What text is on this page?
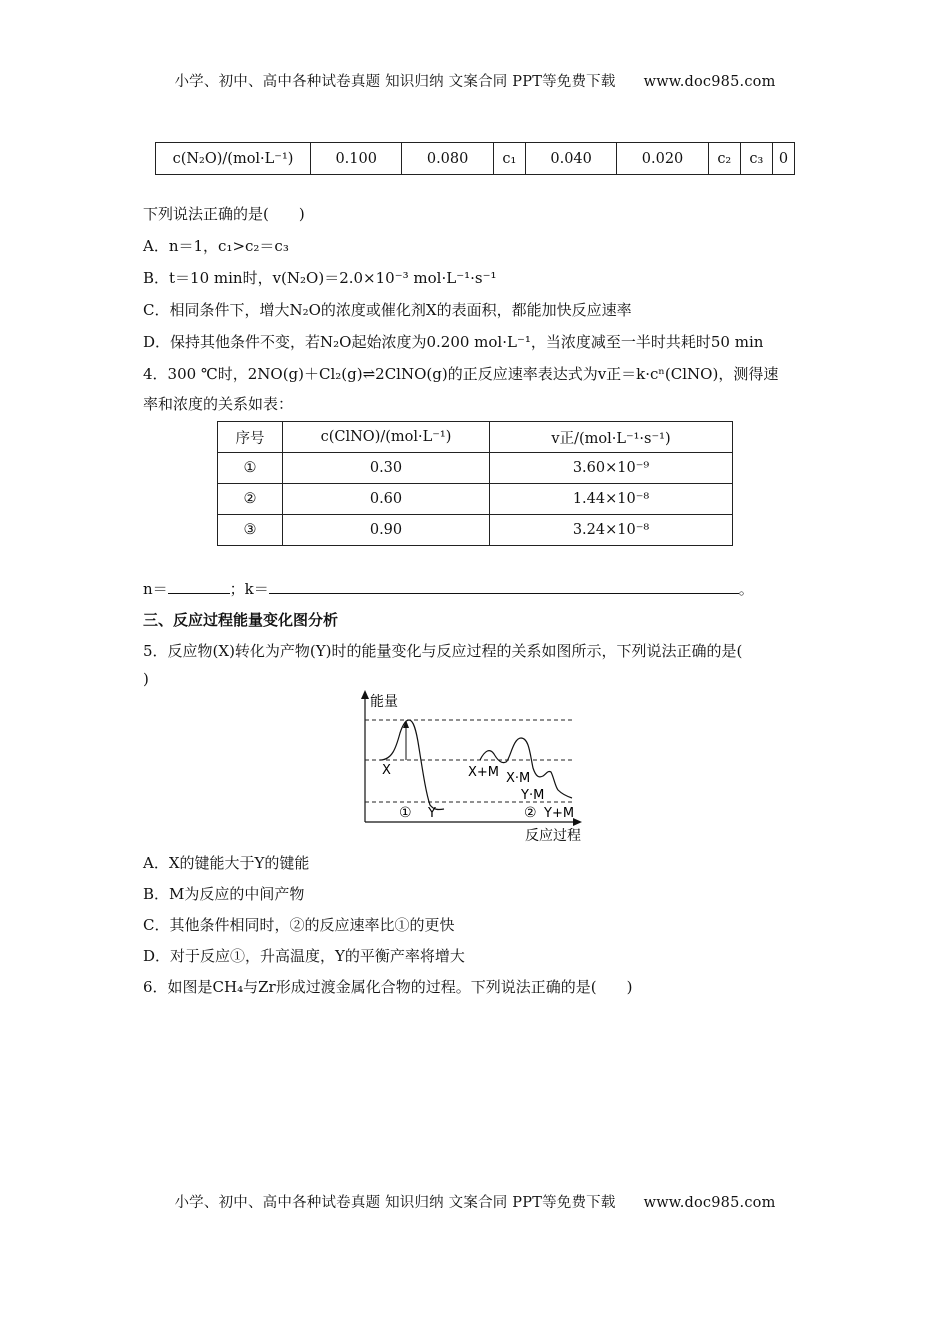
小学、初中、高中各种试卷真题 知识归纳 文案合同 PPT等免费下载 www.doc985.com
c(N₂O)/(mol·L⁻¹)	0.100	0.080	c₁	0.040	0.020	c₂	c₃	0
下列说法正确的是(　　)
A．n＝1，c₁>c₂＝c₃
B．t＝10 min时，v(N₂O)＝2.0×10⁻³ mol·L⁻¹·s⁻¹
C．相同条件下，增大N₂O的浓度或催化剂X的表面积，都能加快反应速率
D．保持其他条件不变，若N₂O起始浓度为0.200 mol·L⁻¹，当浓度减至一半时共耗时50 min
4．300 ℃时，2NO(g)＋Cl₂(g)⇌2ClNO(g)的正反应速率表达式为v正＝k·cⁿ(ClNO)，测得速
率和浓度的关系如表：
序号	c(ClNO)/(mol·L⁻¹)	v正/(mol·L⁻¹·s⁻¹)
①	0.30	3.60×10⁻⁹
②	0.60	1.44×10⁻⁸
③	0.90	3.24×10⁻⁸
n＝	；k＝	。
三、反应过程能量变化图分析
5．反应物(X)转化为产物(Y)时的能量变化与反应过程的关系如图所示，下列说法正确的是(
)
能量
反应过程
X
Y
X+M X·M
Y·M
Y+M
①	②
A．X的键能大于Y的键能
B．M为反应的中间产物
C．其他条件相同时，②的反应速率比①的更快
D．对于反应①，升高温度，Y的平衡产率将增大
6．如图是CH₄与Zr形成过渡金属化合物的过程。下列说法正确的是(　　)
小学、初中、高中各种试卷真题 知识归纳 文案合同 PPT等免费下载 www.doc985.com
